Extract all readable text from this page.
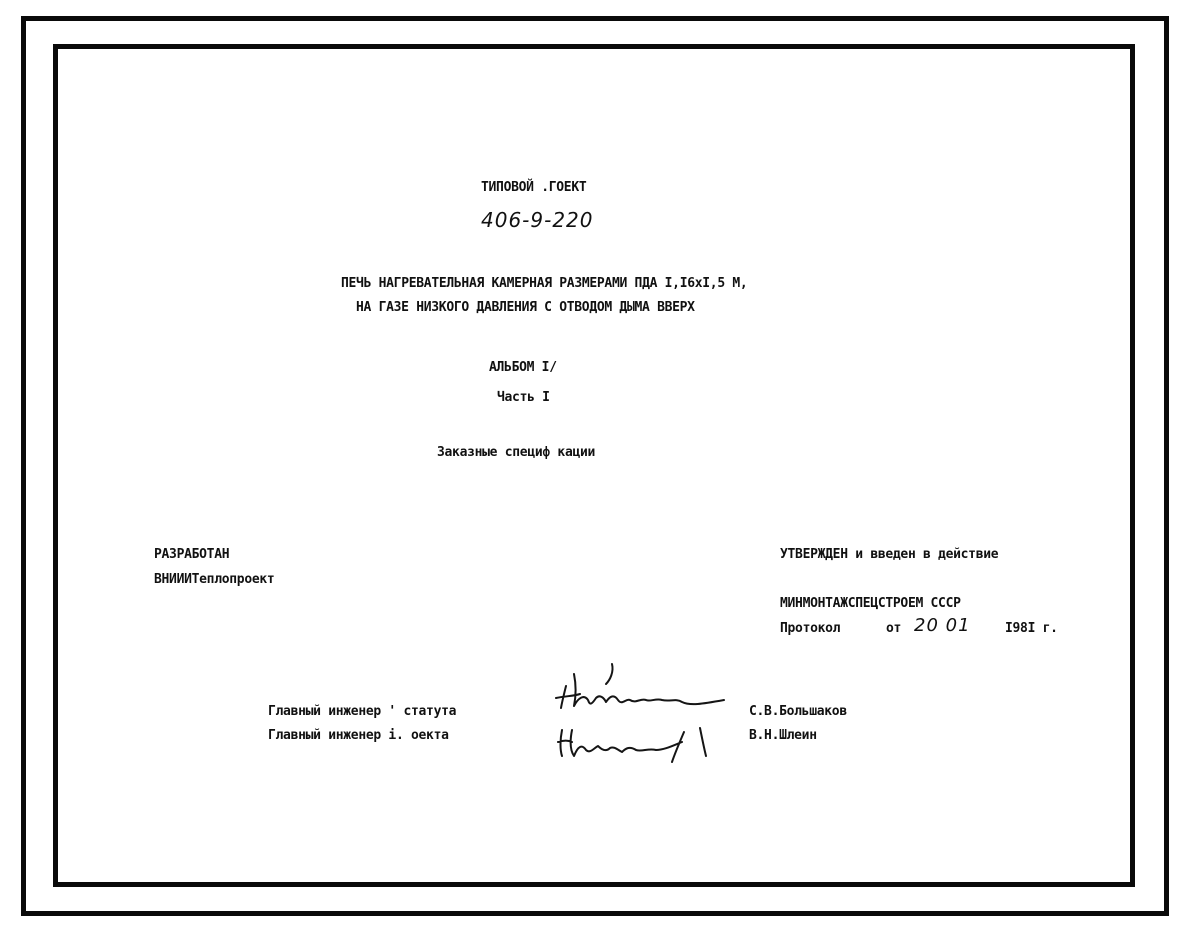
ТИПОВОЙ .ГОЕКТ
406-9-220
ПЕЧЬ НАГРЕВАТЕЛЬНАЯ КАМЕРНАЯ РАЗМЕРАМИ ПДА I,I6хI,5 М,
НА ГАЗЕ НИЗКОГО ДАВЛЕНИЯ С ОТВОДОМ ДЫМА ВВЕРХ
АЛЬБОМ I/
Часть I
Заказные специф кации
РАЗРАБОТАН
ВНИИИТеплопроект
УТВЕРЖДЕН и введен в действие
МИНМОНТАЖСПЕЦСТРОЕМ СССР
Протокол	от 20 01	I98I г.
Главный инженер ' статута	С.В.Большаков
Главный инженер і. оекта	В.Н.Шлеин
